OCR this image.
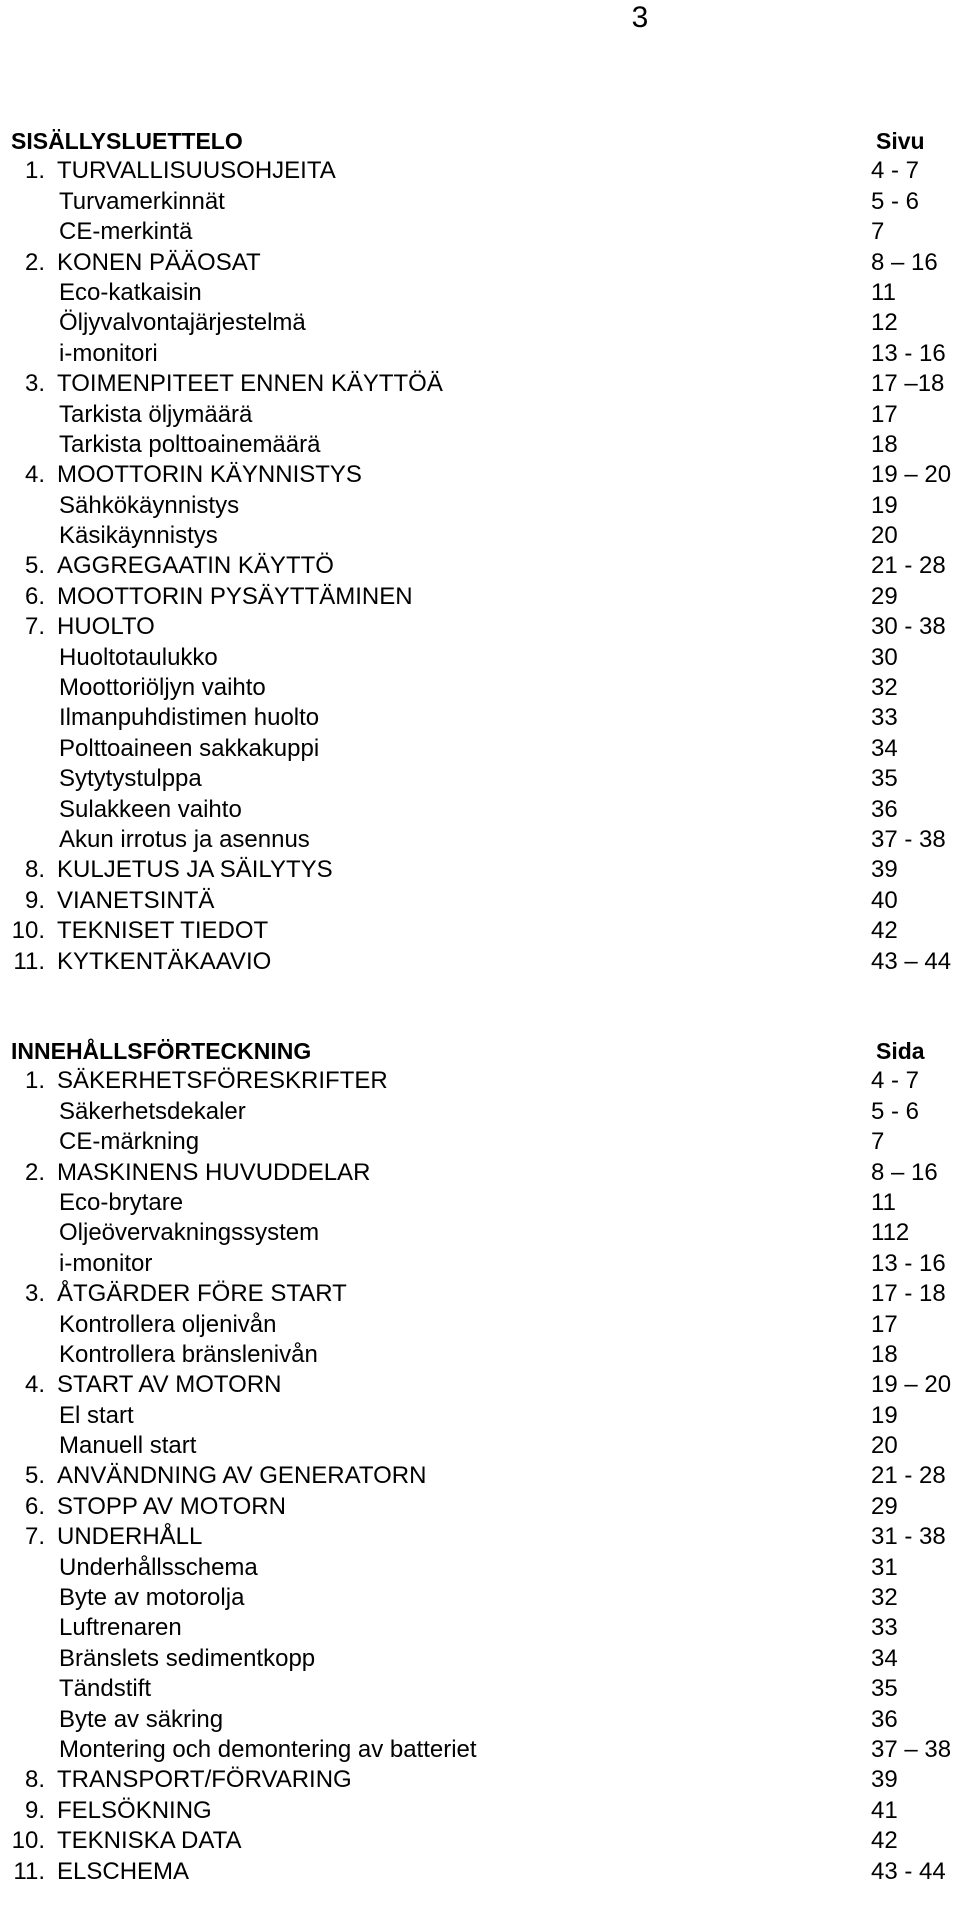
3
SISÄLLYSLUETTELO	Sivu
1. TURVALLISUUSOHJEITA	4 - 7
Turvamerkinnät	5 - 6
CE-merkintä	7
2. KONEN PÄÄOSAT	8 – 16
Eco-katkaisin	11
Öljyvalvontajärjestelmä	12
i-monitori	13 - 16
3. TOIMENPITEET ENNEN KÄYTTÖÄ	17 –18
Tarkista öljymäärä	17
Tarkista polttoainemäärä	18
4. MOOTTORIN KÄYNNISTYS	19 – 20
Sähkökäynnistys	19
Käsikäynnistys	20
5. AGGREGAATIN KÄYTTÖ	21 - 28
6. MOOTTORIN PYSÄYTTÄMINEN	29
7. HUOLTO	30 - 38
Huoltotaulukko	30
Moottoriöljyn vaihto	32
Ilmanpuhdistimen huolto	33
Polttoaineen sakkakuppi	34
Sytytystulppa	35
Sulakkeen vaihto	36
Akun irrotus ja asennus	37 - 38
8. KULJETUS JA SÄILYTYS	39
9. VIANETSINTÄ	40
10. TEKNISET TIEDOT	42
11. KYTKENTÄKAAVIO	43 – 44
INNEHÅLLSFÖRTECKNING	Sida
1. SÄKERHETSFÖRESKRIFTER	4 - 7
Säkerhetsdekaler	5 - 6
CE-märkning	7
2. MASKINENS HUVUDDELAR	8 – 16
Eco-brytare	11
Oljeövervakningssystem	112
i-monitor	13 - 16
3. ÅTGÄRDER FÖRE START	17 - 18
Kontrollera oljenivån	17
Kontrollera bränslenivån	18
4. START AV MOTORN	19 – 20
El start	19
Manuell start	20
5. ANVÄNDNING AV GENERATORN	21 - 28
6. STOPP AV MOTORN	29
7. UNDERHÅLL	31 - 38
Underhållsschema	31
Byte av motorolja	32
Luftrenaren	33
Bränslets sedimentkopp	34
Tändstift	35
Byte av säkring	36
Montering och demontering av batteriet	37 – 38
8. TRANSPORT/FÖRVARING	39
9. FELSÖKNING	41
10. TEKNISKA DATA	42
11. ELSCHEMA	43 - 44
